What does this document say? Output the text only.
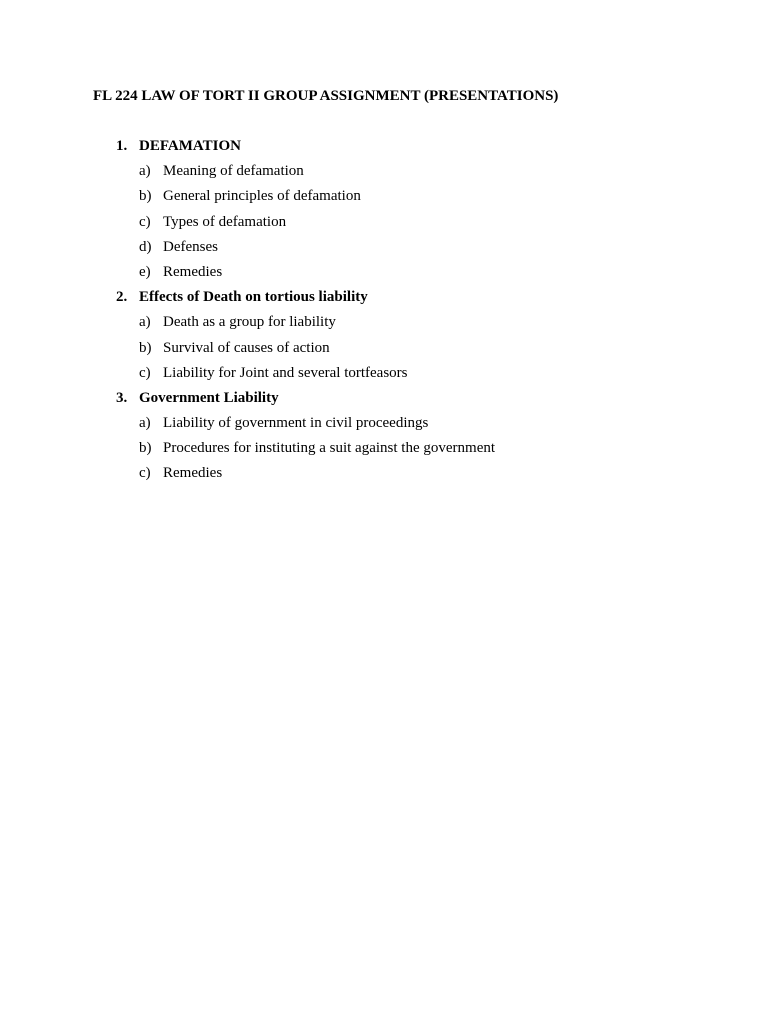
FL 224 LAW OF TORT II GROUP ASSIGNMENT (PRESENTATIONS)
1. DEFAMATION
a) Meaning of defamation
b) General principles of defamation
c) Types of defamation
d) Defenses
e) Remedies
2. Effects of Death on tortious liability
a) Death as a group for liability
b) Survival of causes of action
c) Liability for Joint and several tortfeasors
3. Government Liability
a) Liability of government in civil proceedings
b) Procedures for instituting a suit against the government
c) Remedies
